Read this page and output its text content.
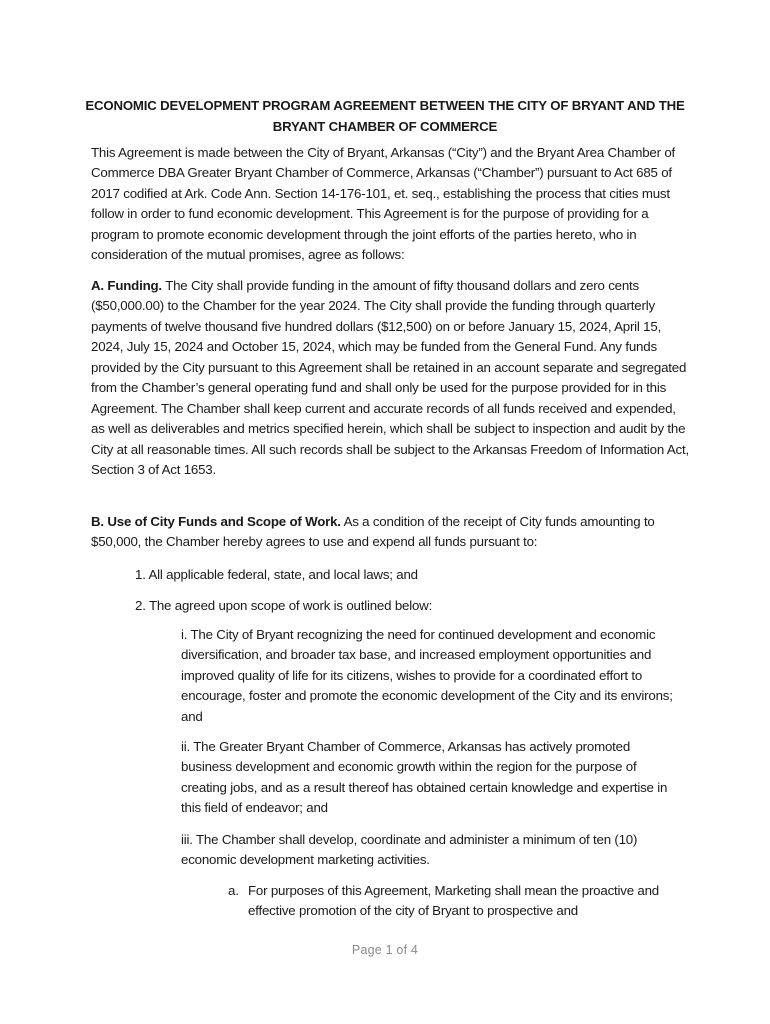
ECONOMIC DEVELOPMENT PROGRAM AGREEMENT BETWEEN THE CITY OF BRYANT AND THE BRYANT CHAMBER OF COMMERCE
This Agreement is made between the City of Bryant, Arkansas (“City”) and the Bryant Area Chamber of Commerce DBA Greater Bryant Chamber of Commerce, Arkansas (“Chamber”) pursuant to Act 685 of 2017 codified at Ark. Code Ann. Section 14-176-101, et. seq., establishing the process that cities must follow in order to fund economic development. This Agreement is for the purpose of providing for a program to promote economic development through the joint efforts of the parties hereto, who in consideration of the mutual promises, agree as follows:
A. Funding. The City shall provide funding in the amount of fifty thousand dollars and zero cents ($50,000.00) to the Chamber for the year 2024. The City shall provide the funding through quarterly payments of twelve thousand five hundred dollars ($12,500) on or before January 15, 2024, April 15, 2024, July 15, 2024 and October 15, 2024, which may be funded from the General Fund. Any funds provided by the City pursuant to this Agreement shall be retained in an account separate and segregated from the Chamber’s general operating fund and shall only be used for the purpose provided for in this Agreement. The Chamber shall keep current and accurate records of all funds received and expended, as well as deliverables and metrics specified herein, which shall be subject to inspection and audit by the City at all reasonable times. All such records shall be subject to the Arkansas Freedom of Information Act, Section 3 of Act 1653.
B. Use of City Funds and Scope of Work. As a condition of the receipt of City funds amounting to $50,000, the Chamber hereby agrees to use and expend all funds pursuant to:
1. All applicable federal, state, and local laws; and
2. The agreed upon scope of work is outlined below:
i. The City of Bryant recognizing the need for continued development and economic diversification, and broader tax base, and increased employment opportunities and improved quality of life for its citizens, wishes to provide for a coordinated effort to encourage, foster and promote the economic development of the City and its environs; and
ii. The Greater Bryant Chamber of Commerce, Arkansas has actively promoted business development and economic growth within the region for the purpose of creating jobs, and as a result thereof has obtained certain knowledge and expertise in this field of endeavor; and
iii. The Chamber shall develop, coordinate and administer a minimum of ten (10) economic development marketing activities.
a. For purposes of this Agreement, Marketing shall mean the proactive and effective promotion of the city of Bryant to prospective and
Page 1 of 4
